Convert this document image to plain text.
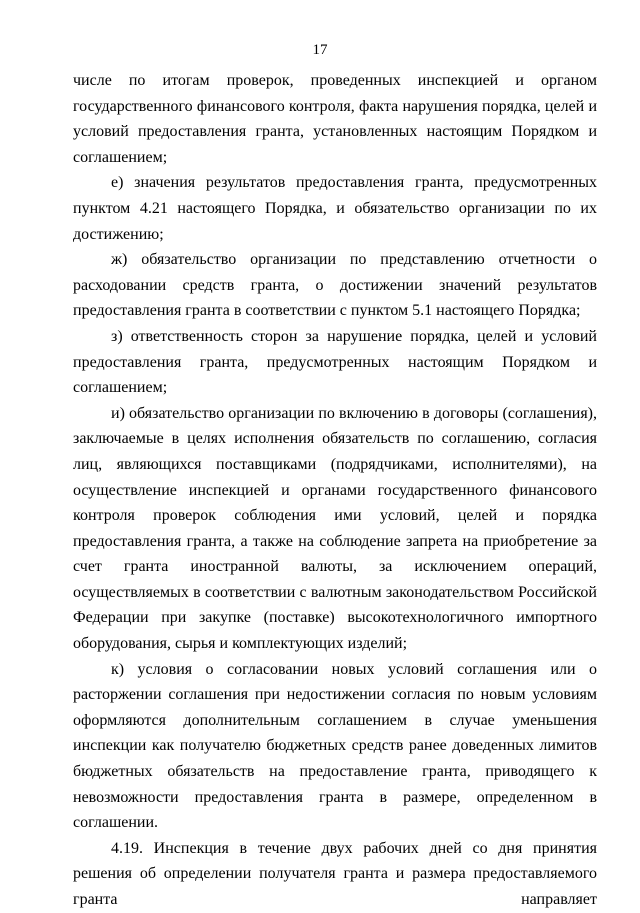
17

числе по итогам проверок, проведенных инспекцией и органом государственного финансового контроля, факта нарушения порядка, целей и условий предоставления гранта, установленных настоящим Порядком и соглашением;

е) значения результатов предоставления гранта, предусмотренных пунктом 4.21 настоящего Порядка, и обязательство организации по их достижению;

ж) обязательство организации по представлению отчетности о расходовании средств гранта, о достижении значений результатов предоставления гранта в соответствии с пунктом 5.1 настоящего Порядка;

з) ответственность сторон за нарушение порядка, целей и условий предоставления гранта, предусмотренных настоящим Порядком и соглашением;

и) обязательство организации по включению в договоры (соглашения), заключаемые в целях исполнения обязательств по соглашению, согласия лиц, являющихся поставщиками (подрядчиками, исполнителями), на осуществление инспекцией и органами государственного финансового контроля проверок соблюдения ими условий, целей и порядка предоставления гранта, а также на соблюдение запрета на приобретение за счет гранта иностранной валюты, за исключением операций, осуществляемых в соответствии с валютным законодательством Российской Федерации при закупке (поставке) высокотехнологичного импортного оборудования, сырья и комплектующих изделий;

к) условия о согласовании новых условий соглашения или о расторжении соглашения при недостижении согласия по новым условиям оформляются дополнительным соглашением в случае уменьшения инспекции как получателю бюджетных средств ранее доведенных лимитов бюджетных обязательств на предоставление гранта, приводящего к невозможности предоставления гранта в размере, определенном в соглашении.

4.19. Инспекция в течение двух рабочих дней со дня принятия решения об определении получателя гранта и размера предоставляемого гранта направляет
